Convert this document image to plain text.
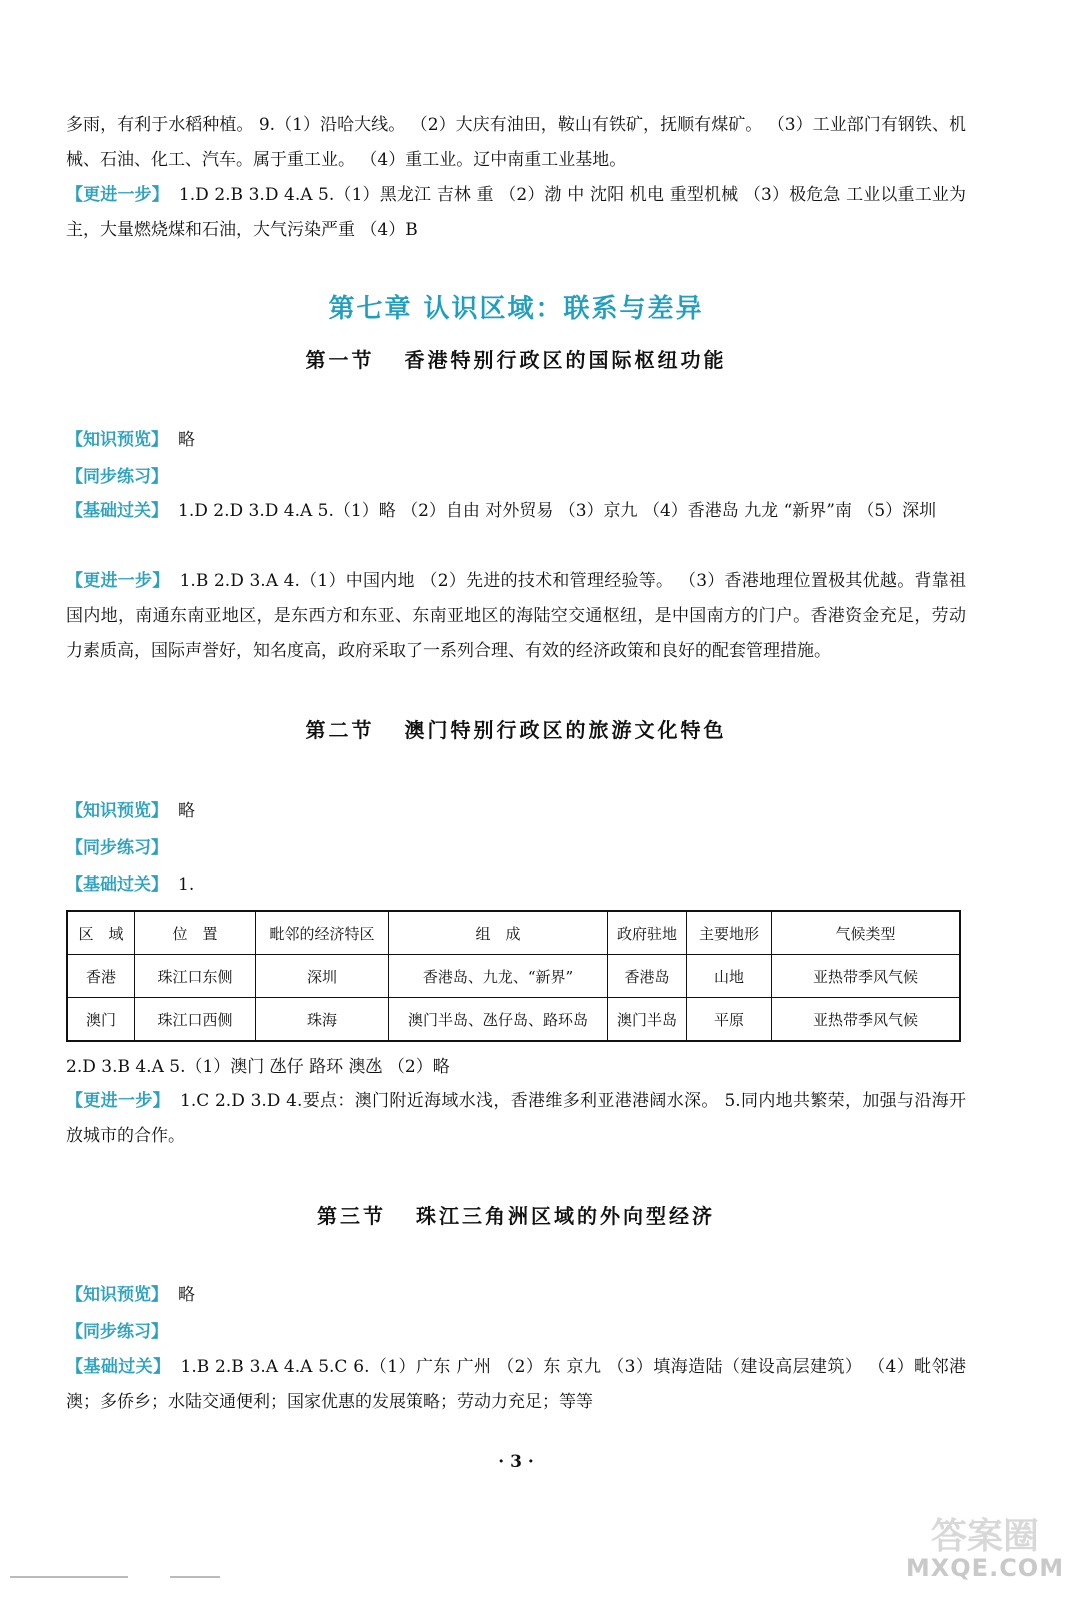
多雨，有利于水稻种植。 9.（1）沿哈大线。 （2）大庆有油田，鞍山有铁矿，抚顺有煤矿。 （3）工业部门有钢铁、机械、石油、化工、汽车。属于重工业。 （4）重工业。辽中南重工业基地。
【更进一步】 1.D 2.B 3.D 4.A 5.（1）黑龙江 吉林 重 （2）渤 中 沈阳 机电 重型机械 （3）极危急 工业以重工业为主，大量燃烧煤和石油，大气污染严重 （4）B
第七章 认识区域：联系与差异
第一节 香港特别行政区的国际枢纽功能
【知识预览】 略
【同步练习】
【基础过关】 1.D 2.D 3.D 4.A 5.（1）略 （2）自由 对外贸易 （3）京九 （4）香港岛 九龙 “新界”南 （5）深圳
【更进一步】 1.B 2.D 3.A 4.（1）中国内地 （2）先进的技术和管理经验等。 （3）香港地理位置极其优越。背靠祖国内地，南通东南亚地区，是东西方和东亚、东南亚地区的海陆空交通枢纽，是中国南方的门户。香港资金充足，劳动力素质高，国际声誉好，知名度高，政府采取了一系列合理、有效的经济政策和良好的配套管理措施。
第二节 澳门特别行政区的旅游文化特色
【知识预览】 略
【同步练习】
【基础过关】 1.
区　域	位　置	毗邻的经济特区	组　成	政府驻地	主要地形	气候类型
香港	珠江口东侧	深圳	香港岛、九龙、“新界”	香港岛	山地	亚热带季风气候
澳门	珠江口西侧	珠海	澳门半岛、氹仔岛、路环岛	澳门半岛	平原	亚热带季风气候
2.D 3.B 4.A 5.（1）澳门 氹仔 路环 澳氹 （2）略
【更进一步】 1.C 2.D 3.D 4.要点：澳门附近海域水浅，香港维多利亚港港阔水深。 5.同内地共繁荣，加强与沿海开放城市的合作。
第三节 珠江三角洲区域的外向型经济
【知识预览】 略
【同步练习】
【基础过关】 1.B 2.B 3.A 4.A 5.C 6.（1）广东 广州 （2）东 京九 （3）填海造陆（建设高层建筑） （4）毗邻港澳；多侨乡；水陆交通便利；国家优惠的发展策略；劳动力充足；等等
· 3 ·
答案圈
MXQE.COM
